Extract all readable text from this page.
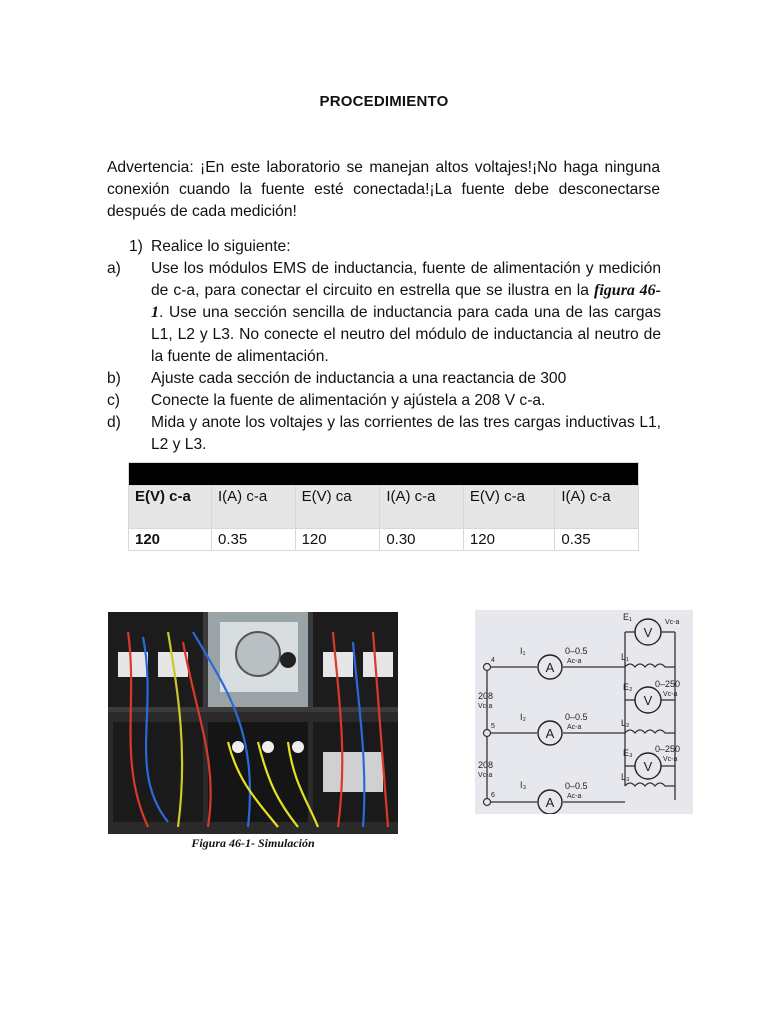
PROCEDIMIENTO
Advertencia: ¡En este laboratorio se manejan altos voltajes!¡No haga ninguna conexión cuando la fuente esté conectada!¡La fuente debe desconectarse después de cada medición!
1) Realice lo siguiente:
a) Use los módulos EMS de inductancia, fuente de alimentación y medición de c-a, para conectar el circuito en estrella que se ilustra en la figura 46-1. Use una sección sencilla de inductancia para cada una de las cargas L1, L2 y L3. No conecte el neutro del módulo de inductancia al neutro de la fuente de alimentación.
b) Ajuste cada sección de inductancia a una reactancia de 300
c) Conecte la fuente de alimentación y ajústela a 208 V c-a.
d) Mida y anote los voltajes y las corrientes de las tres cargas inductivas L1, L2 y L3.

E(V) c-a	I(A) c-a	E(V) ca	I(A) c-a	E(V) c-a	I(A) c-a
120	0.35	120	0.30	120	0.35
Figura 46-1- Simulación
A
A
A
V
V
V
I₁
I₂
I₃
0–0.5
Ac-a
0–0.5
Ac-a
0–0.5
Ac-a
E₁
E₂
E₃
0–250
Vc-a
0–250
Vc-a
Vc-a
L₁
L₂
L₃
208
Vc-a
208
Vc-a
4
5
6
